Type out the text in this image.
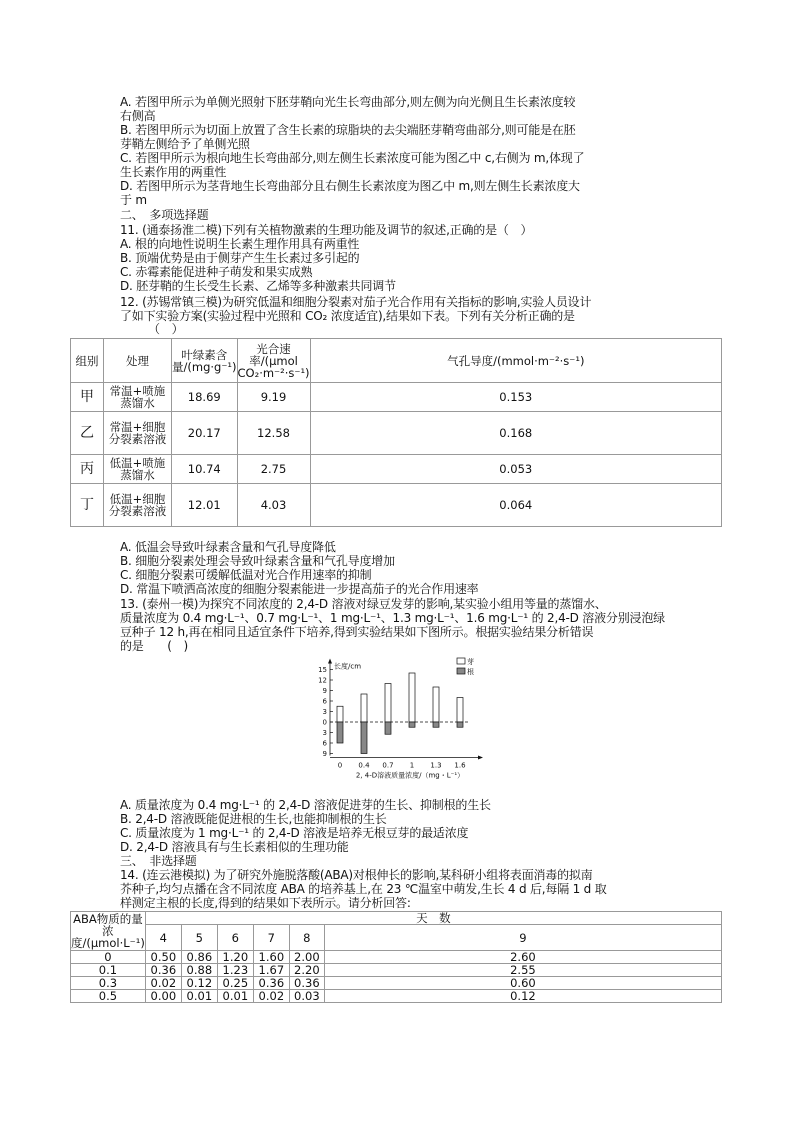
A. 若图甲所示为单侧光照射下胚芽鞘向光生长弯曲部分,则左侧为向光侧且生长素浓度较
右侧高
B. 若图甲所示为切面上放置了含生长素的琼脂块的去尖端胚芽鞘弯曲部分,则可能是在胚
芽鞘左侧给予了单侧光照
C. 若图甲所示为根向地生长弯曲部分,则左侧生长素浓度可能为图乙中 c,右侧为 m,体现了
生长素作用的两重性
D. 若图甲所示为茎背地生长弯曲部分且右侧生长素浓度为图乙中 m,则左侧生长素浓度大
于 m
二、　多项选择题
11. (通泰扬淮二模)下列有关植物激素的生理功能及调节的叙述,正确的是（　）
A. 根的向地性说明生长素生理作用具有两重性
B. 顶端优势是由于侧芽产生生长素过多引起的
C. 赤霉素能促进种子萌发和果实成熟
D. 胚芽鞘的生长受生长素、乙烯等多种激素共同调节
12. (苏锡常镇三模)为研究低温和细胞分裂素对茄子光合作用有关指标的影响,实验人员设计
了如下实验方案(实验过程中光照和 CO₂ 浓度适宜),结果如下表。下列有关分析正确的是
（　）
组别	处理	叶绿素含量/(mg·g⁻¹)	光合速率/(μmol CO₂·m⁻²·s⁻¹)	气孔导度/(mmol·m⁻²·s⁻¹)
甲	常温+喷施蒸馏水	18.69	9.19	0.153
乙	常温+细胞分裂素溶液	20.17	12.58	0.168
丙	低温+喷施蒸馏水	10.74	2.75	0.053
丁	低温+细胞分裂素溶液	12.01	4.03	0.064
A. 低温会导致叶绿素含量和气孔导度降低
B. 细胞分裂素处理会导致叶绿素含量和气孔导度增加
C. 细胞分裂素可缓解低温对光合作用速率的抑制
D. 常温下喷洒高浓度的细胞分裂素能进一步提高茄子的光合作用速率
13. (泰州一模)为探究不同浓度的 2,4-D 溶液对绿豆发芽的影响,某实验小组用等量的蒸馏水、
质量浓度为 0.4 mg·L⁻¹、0.7 mg·L⁻¹、1 mg·L⁻¹、1.3 mg·L⁻¹、1.6 mg·L⁻¹ 的 2,4-D 溶液分别浸泡绿
豆种子 12 h,再在相同且适宜条件下培养,得到实验结果如下图所示。根据实验结果分析错误
的是　　(　)
15
12
9
6
3
0
3
6
9
长度/cm
0 0.4 0.7 1 1.3 1.6
2, 4-D溶液质量浓度/（mg・L⁻¹）
芽
根
A. 质量浓度为 0.4 mg·L⁻¹ 的 2,4-D 溶液促进芽的生长、抑制根的生长
B. 2,4-D 溶液既能促进根的生长,也能抑制根的生长
C. 质量浓度为 1 mg·L⁻¹ 的 2,4-D 溶液是培养无根豆芽的最适浓度
D. 2,4-D 溶液具有与生长素相似的生理功能
三、　非选择题
14. (连云港模拟) 为了研究外施脱落酸(ABA)对根伸长的影响,某科研小组将表面消毒的拟南
芥种子,均匀点播在含不同浓度 ABA 的培养基上,在 23 ℃温室中萌发,生长 4 d 后,每隔 1 d 取
样测定主根的长度,得到的结果如下表所示。请分析回答:
ABA物质的量浓度/(μmol·L⁻¹)	天　数					
	4	5	6	7	8	9
0	0.50	0.86	1.20	1.60	2.00	2.60
0.1	0.36	0.88	1.23	1.67	2.20	2.55
0.3	0.02	0.12	0.25	0.36	0.36	0.60
0.5	0.00	0.01	0.01	0.02	0.03	0.12
